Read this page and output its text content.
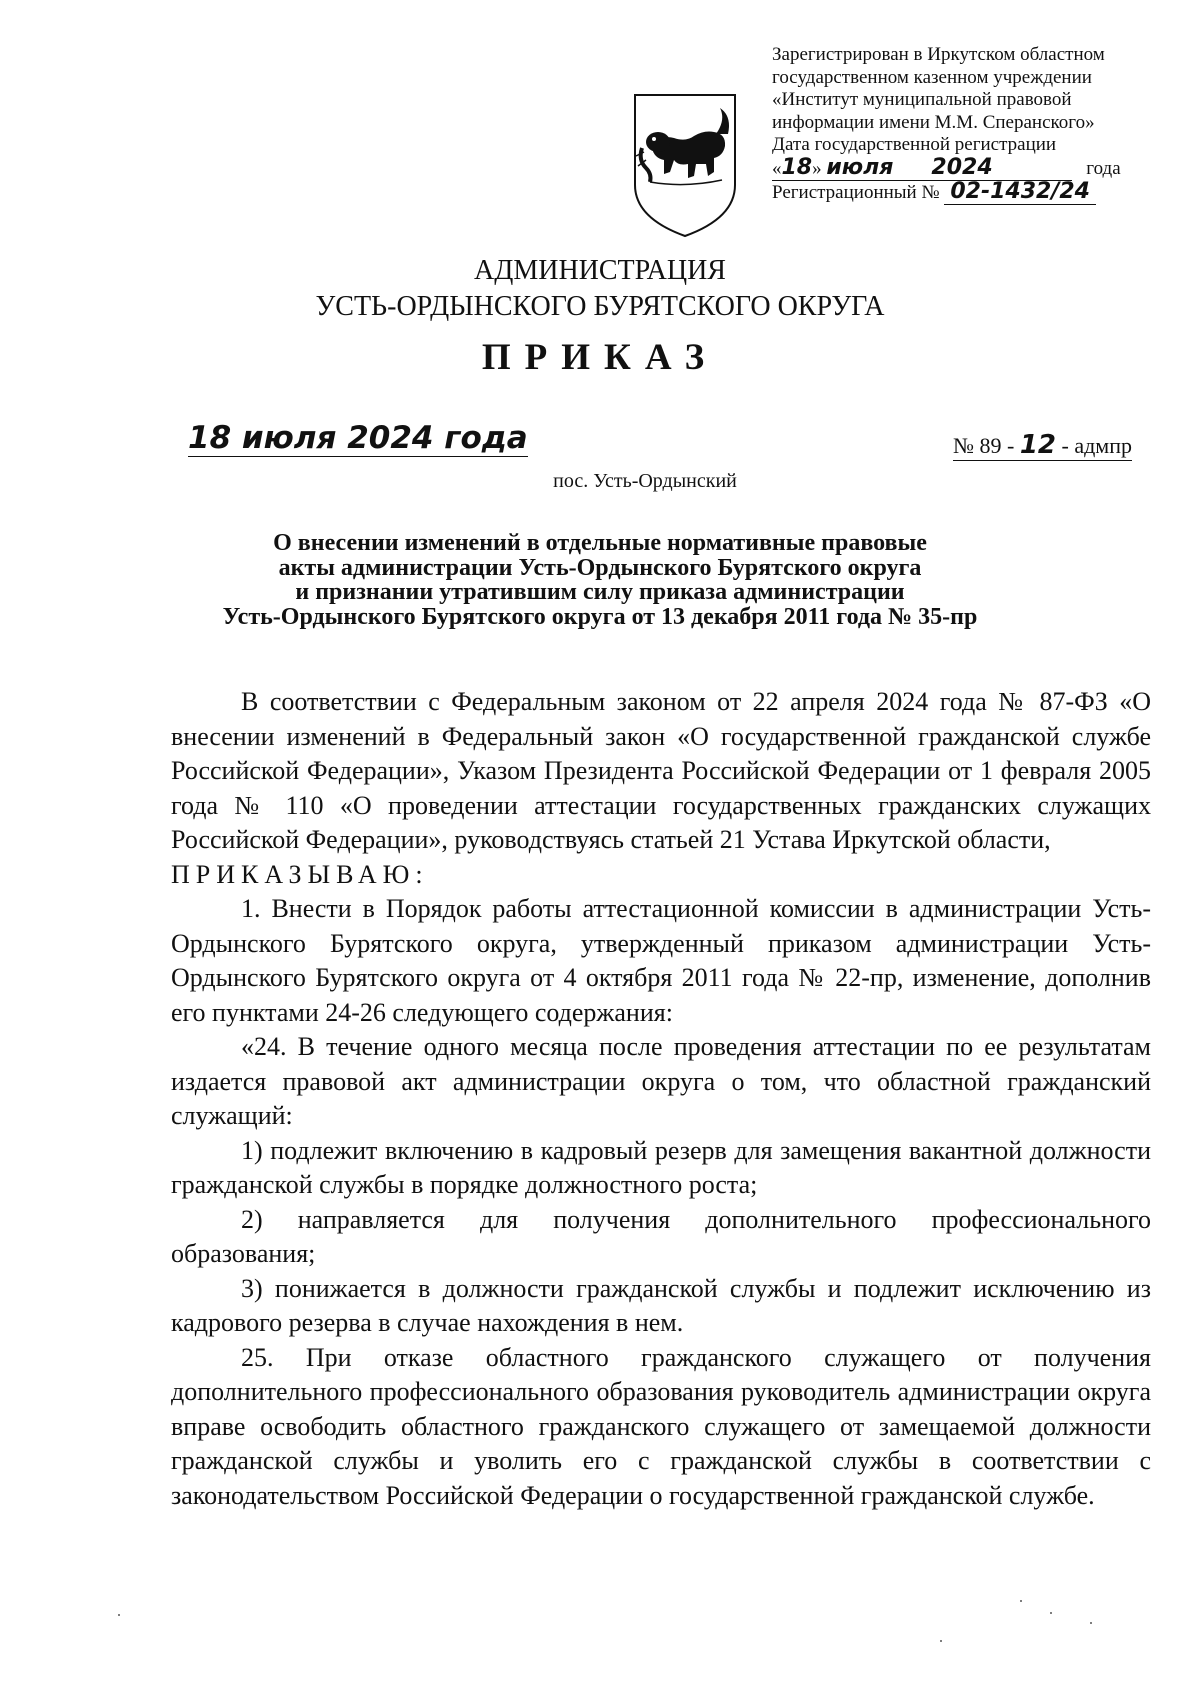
Зарегистрирован в Иркутском областном
государственном казенном учреждении
«Институт муниципальной правовой
информации имени М.М. Сперанского»
Дата государственной регистрации
«18» июля 2024	года
Регистрационный № 02-1432/24
АДМИНИСТРАЦИЯ
УСТЬ-ОРДЫНСКОГО БУРЯТСКОГО ОКРУГА
ПРИКАЗ
18 июля 2024 года	№ 89 - 12 - адмпр
пос. Усть-Ордынский
О внесении изменений в отдельные нормативные правовые
акты администрации Усть-Ордынского Бурятского округа
и признании утратившим силу приказа администрации
Усть-Ордынского Бурятского округа от 13 декабря 2011 года № 35-пр
В соответствии с Федеральным законом от 22 апреля 2024 года № 87-ФЗ «О внесении изменений в Федеральный закон «О государственной гражданской службе Российской Федерации», Указом Президента Российской Федерации от 1 февраля 2005 года № 110 «О проведении аттестации государственных гражданских служащих Российской Федерации», руководствуясь статьей 21 Устава Иркутской области,
ПРИКАЗЫВАЮ:
1. Внести в Порядок работы аттестационной комиссии в администрации Усть-Ордынского Бурятского округа, утвержденный приказом администрации Усть-Ордынского Бурятского округа от 4 октября 2011 года № 22-пр, изменение, дополнив его пунктами 24-26 следующего содержания:
«24. В течение одного месяца после проведения аттестации по ее результатам издается правовой акт администрации округа о том, что областной гражданский служащий:
1) подлежит включению в кадровый резерв для замещения вакантной должности гражданской службы в порядке должностного роста;
2) направляется для получения дополнительного профессионального образования;
3) понижается в должности гражданской службы и подлежит исключению из кадрового резерва в случае нахождения в нем.
25. При отказе областного гражданского служащего от получения дополнительного профессионального образования руководитель администрации округа вправе освободить областного гражданского служащего от замещаемой должности гражданской службы и уволить его с гражданской службы в соответствии с законодательством Российской Федерации о государственной гражданской службе.
